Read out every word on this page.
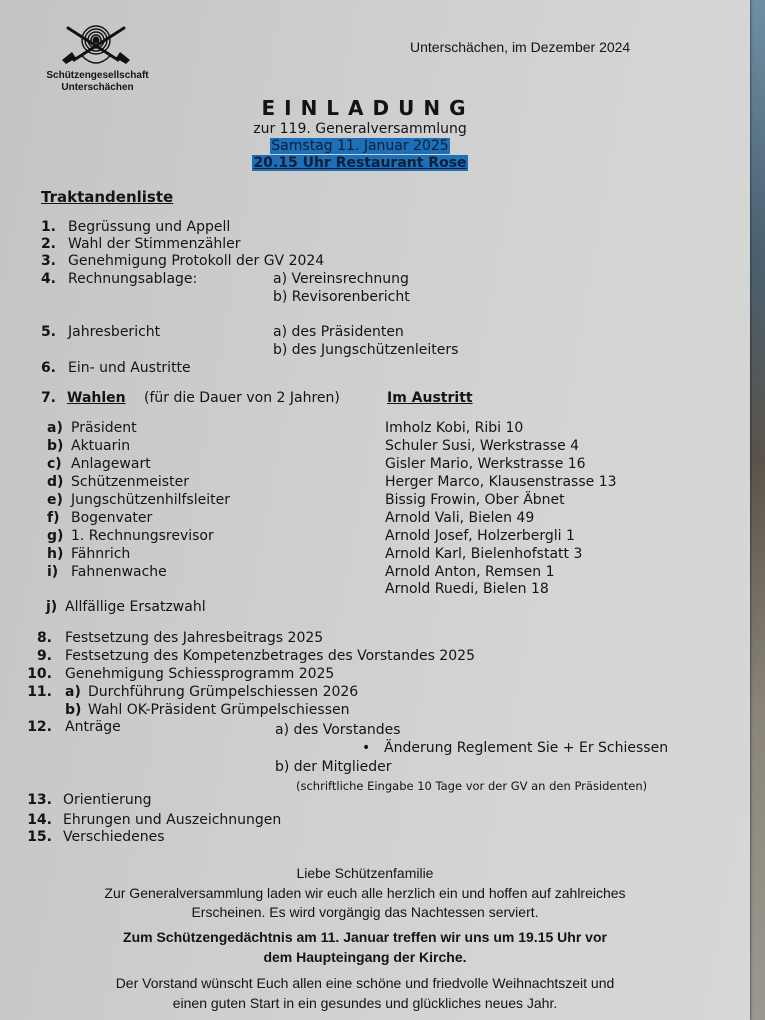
Schützengesellschaft
Unterschächen
Unterschächen, im Dezember 2024
EINLADUNG
zur 119. Generalversammlung
Samstag 11. Januar 2025
20.15 Uhr Restaurant Rose
Traktandenliste
1. Begrüssung und Appell
2. Wahl der Stimmenzähler
3. Genehmigung Protokoll der GV 2024
4. Rechnungsablage:	a) Vereinsrechnung
b) Revisorenbericht
5. Jahresbericht	a) des Präsidenten
b) des Jungschützenleiters
6. Ein- und Austritte
7. Wahlen (für die Dauer von 2 Jahren)	Im Austritt
a) Präsident	Imholz Kobi, Ribi 10
b) Aktuarin	Schuler Susi, Werkstrasse 4
c) Anlagewart	Gisler Mario, Werkstrasse 16
d) Schützenmeister	Herger Marco, Klausenstrasse 13
e) Jungschützenhilfsleiter	Bissig Frowin, Ober Äbnet
f) Bogenvater	Arnold Vali, Bielen 49
g) 1. Rechnungsrevisor	Arnold Josef, Holzerbergli 1
h) Fähnrich	Arnold Karl, Bielenhofstatt 3
i) Fahnenwache	Arnold Anton, Remsen 1
Arnold Ruedi, Bielen 18
j) Allfällige Ersatzwahl
8. Festsetzung des Jahresbeitrags 2025
9. Festsetzung des Kompetenzbetrages des Vorstandes 2025
10. Genehmigung Schiessprogramm 2025
11. a) Durchführung Grümpelschiessen 2026
b) Wahl OK-Präsident Grümpelschiessen
12. Anträge	a) des Vorstandes
• Änderung Reglement Sie + Er Schiessen
b) der Mitglieder
(schriftliche Eingabe 10 Tage vor der GV an den Präsidenten)
13. Orientierung
14. Ehrungen und Auszeichnungen
15. Verschiedenes
Liebe Schützenfamilie
Zur Generalversammlung laden wir euch alle herzlich ein und hoffen auf zahlreiches
Erscheinen. Es wird vorgängig das Nachtessen serviert.
Zum Schützengedächtnis am 11. Januar treffen wir uns um 19.15 Uhr vor
dem Haupteingang der Kirche.
Der Vorstand wünscht Euch allen eine schöne und friedvolle Weihnachtszeit und
einen guten Start in ein gesundes und glückliches neues Jahr.
